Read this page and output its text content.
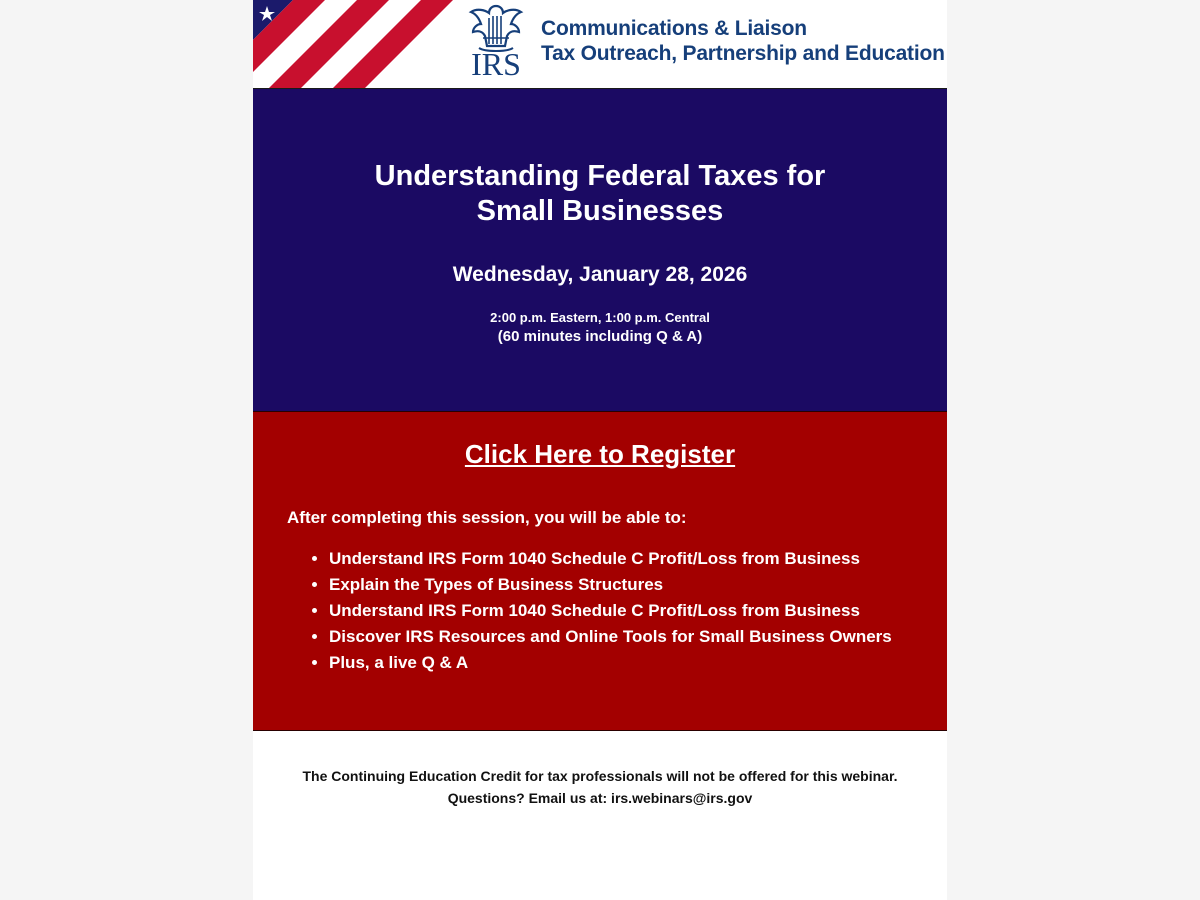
IRS
Communications & Liaison
Tax Outreach, Partnership and Education
Understanding Federal Taxes for
Small Businesses
Wednesday, January 28, 2026
2:00 p.m. Eastern, 1:00 p.m. Central
(60 minutes including Q & A)
Click Here to Register
After completing this session, you will be able to:
• Understand IRS Form 1040 Schedule C Profit/Loss from Business
• Explain the Types of Business Structures
• Understand IRS Form 1040 Schedule C Profit/Loss from Business
• Discover IRS Resources and Online Tools for Small Business Owners
• Plus, a live Q & A
The Continuing Education Credit for tax professionals will not be offered for this webinar.
Questions? Email us at: irs.webinars@irs.gov
